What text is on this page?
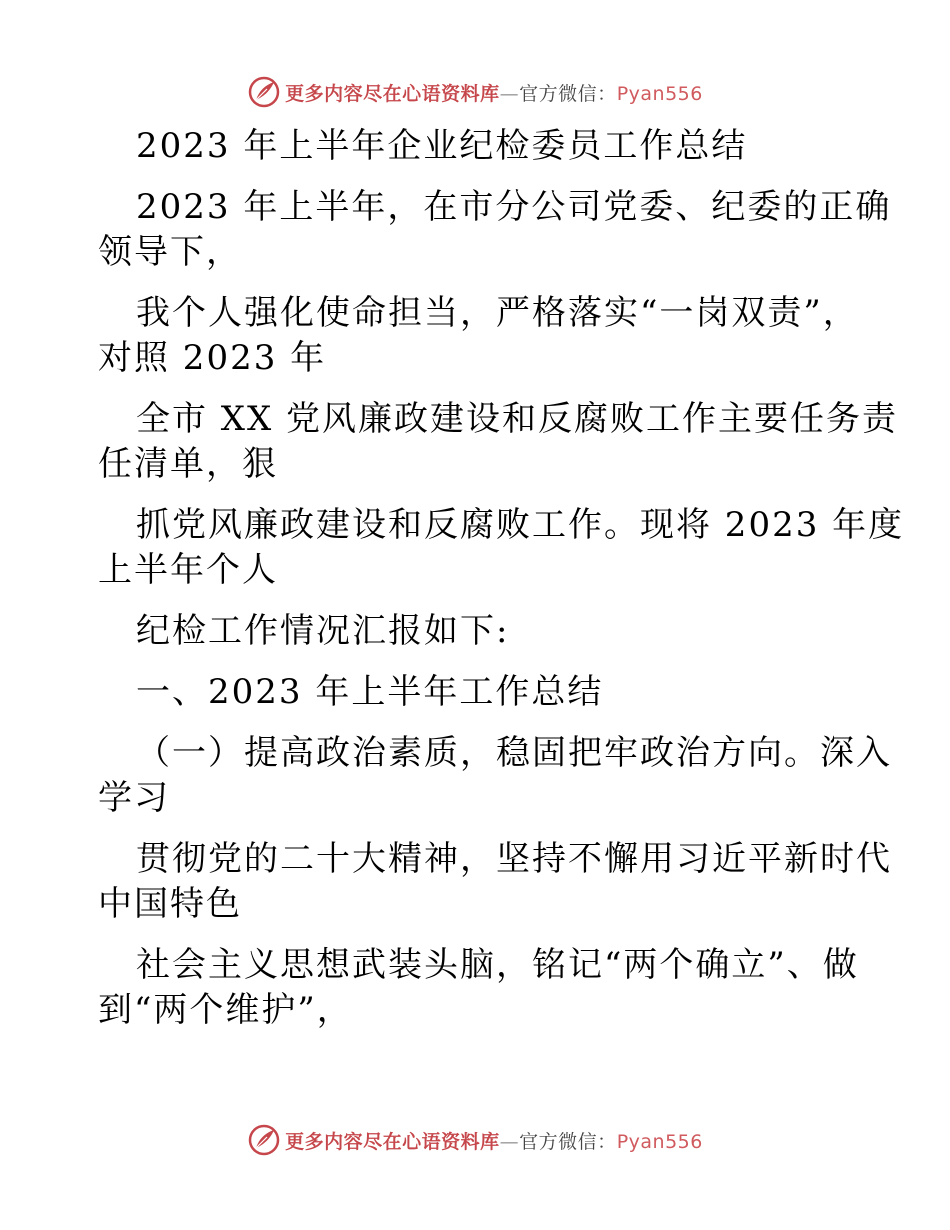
更多内容尽在心语资料库—官方微信：Pyan556
2023 年上半年企业纪检委员工作总结
2023 年上半年，在市分公司党委、纪委的正确
领导下，
我个人强化使命担当，严格落实“一岗双责”，
对照 2023 年
全市 XX 党风廉政建设和反腐败工作主要任务责
任清单，狠
抓党风廉政建设和反腐败工作。现将 2023 年度
上半年个人
纪检工作情况汇报如下:
一、2023 年上半年工作总结
（一）提高政治素质，稳固把牢政治方向。深入
学习
贯彻党的二十大精神，坚持不懈用习近平新时代
中国特色
社会主义思想武装头脑，铭记“两个确立”、做
到“两个维护”，
更多内容尽在心语资料库—官方微信：Pyan556
